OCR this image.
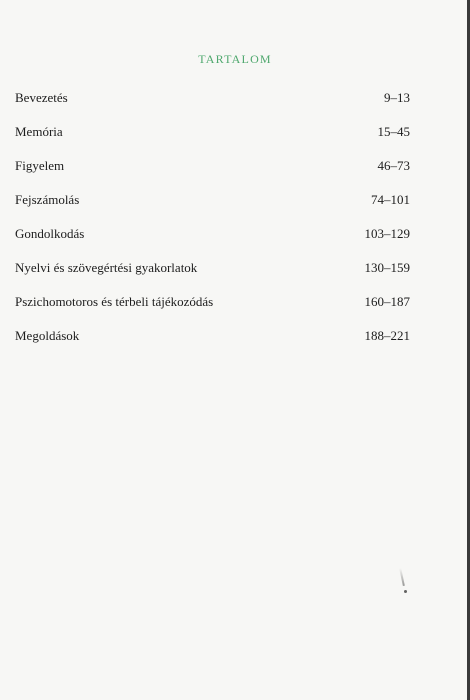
TARTALOM
Bevezetés	9–13
Memória	15–45
Figyelem	46–73
Fejszámolás	74–101
Gondolkodás	103–129
Nyelvi és szövegértési gyakorlatok	130–159
Pszichomotoros és térbeli tájékozódás	160–187
Megoldások	188–221
